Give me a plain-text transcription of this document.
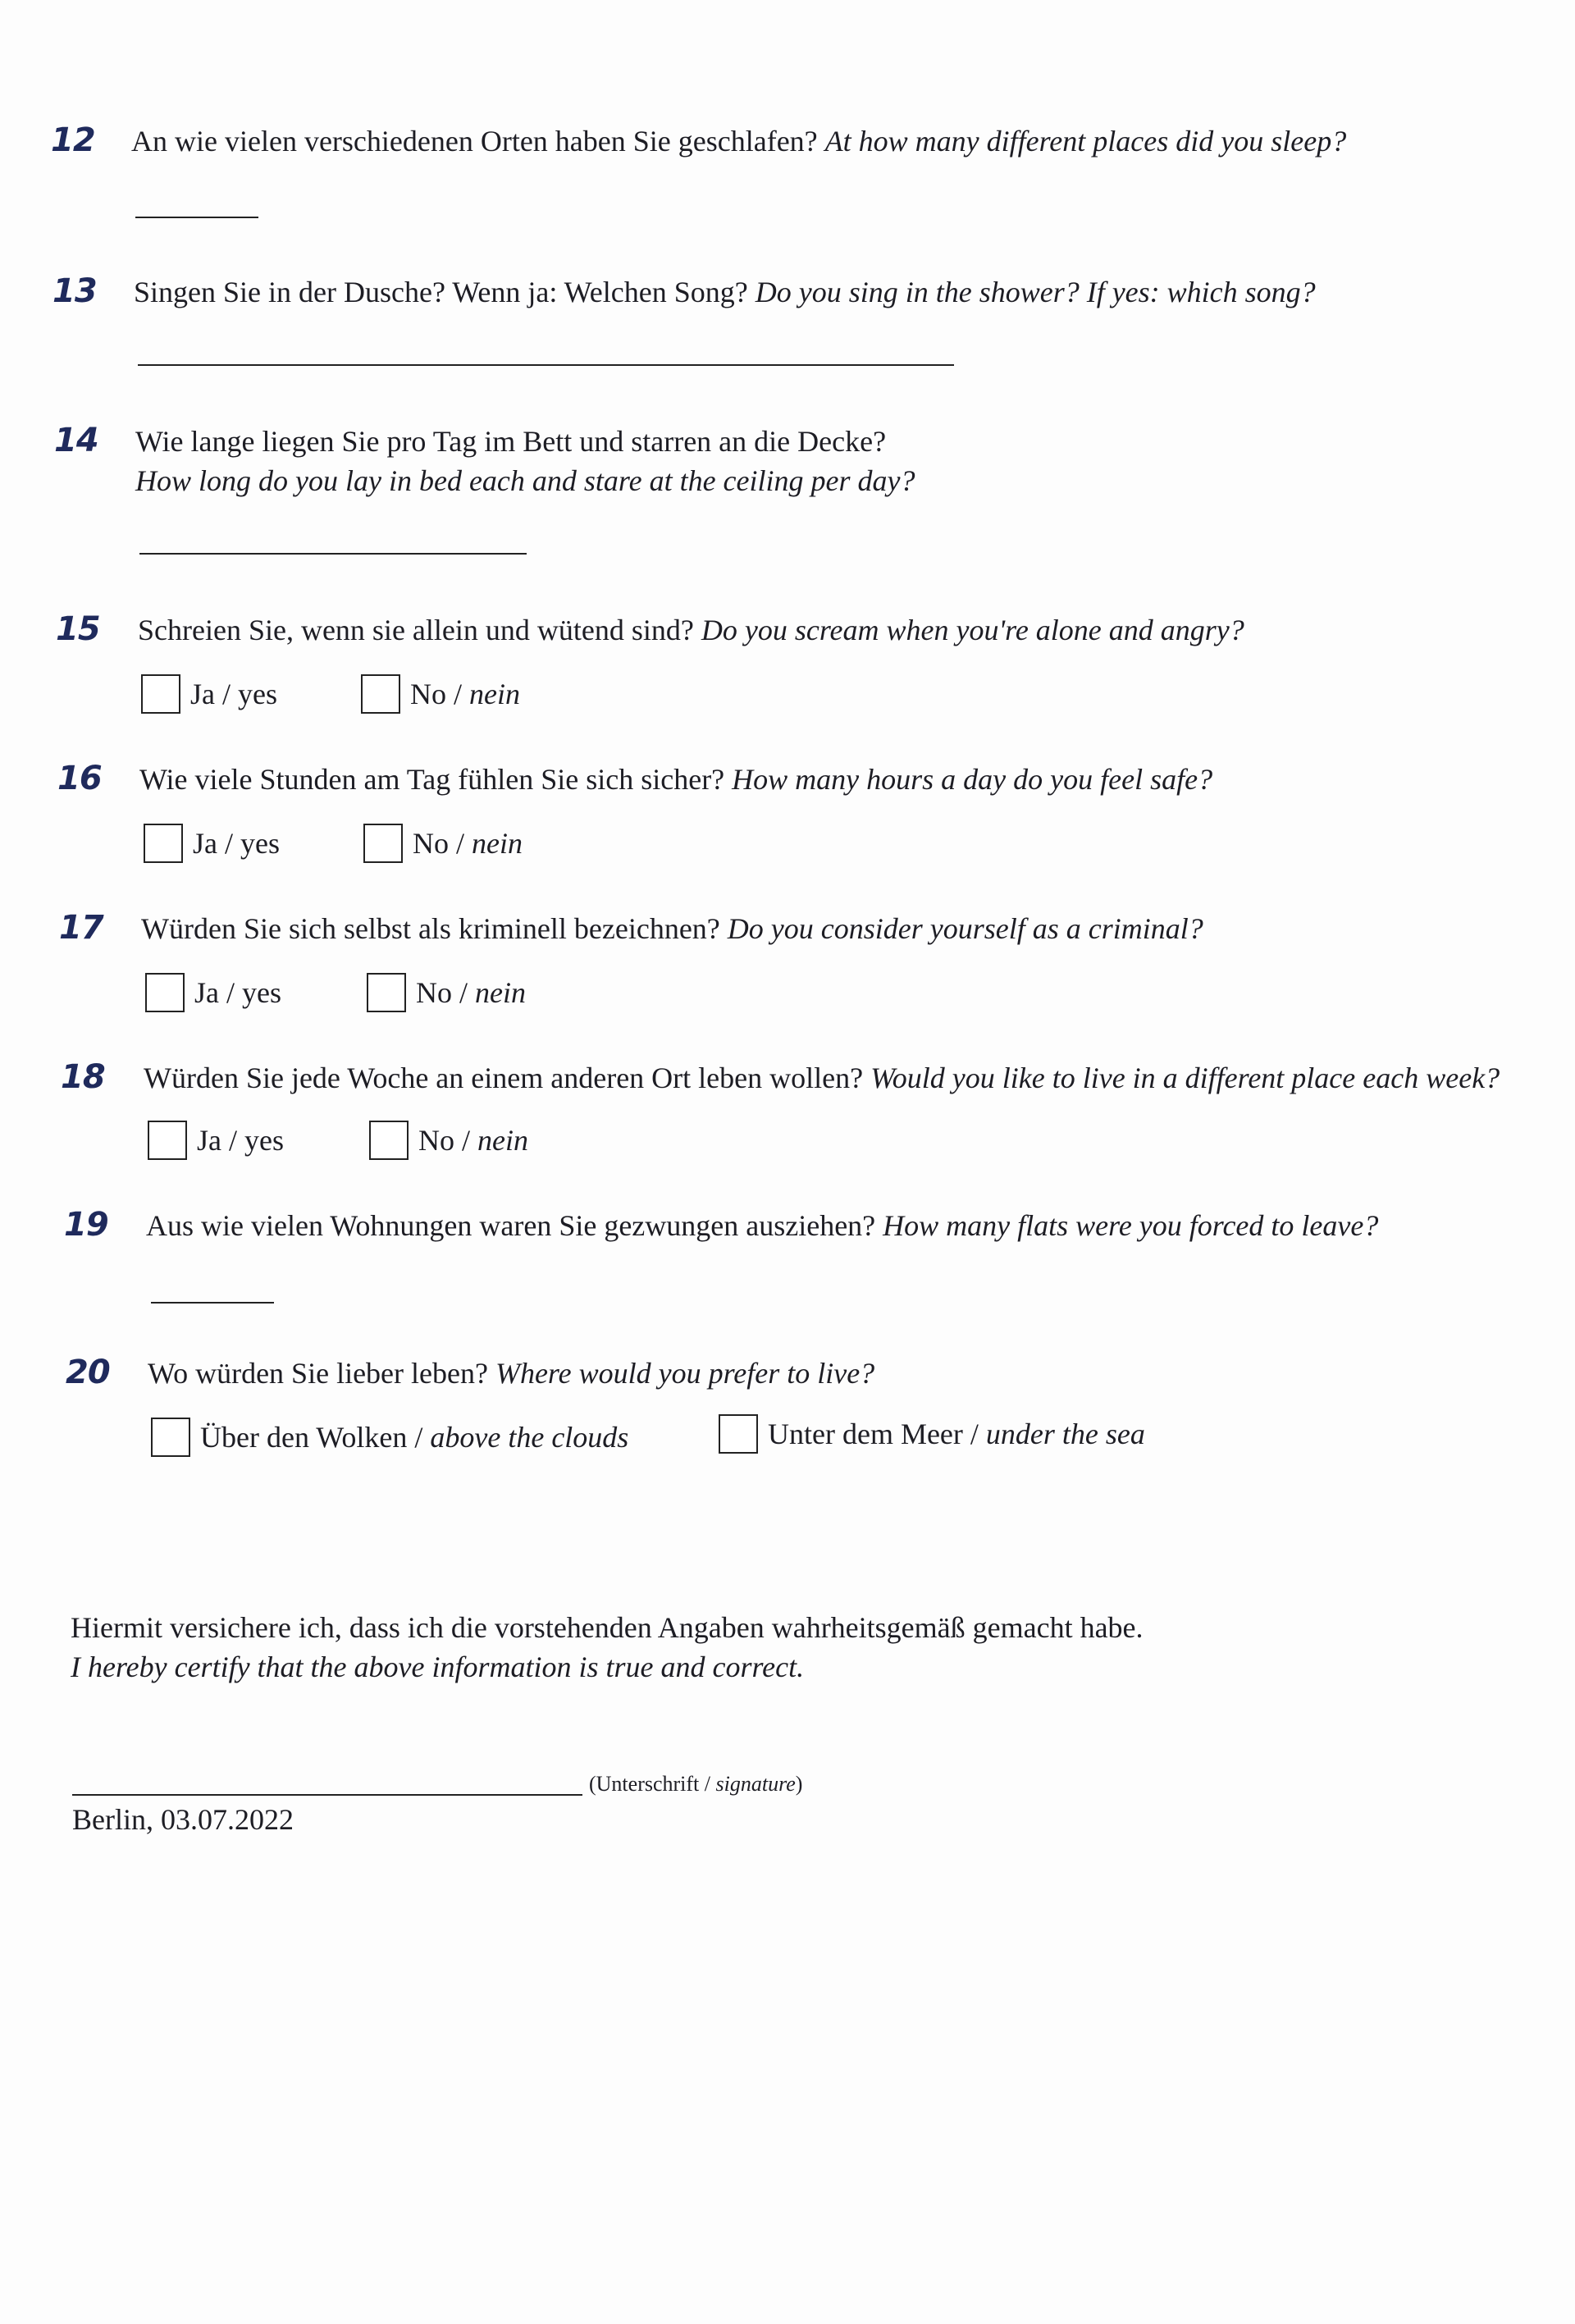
12 An wie vielen verschiedenen Orten haben Sie geschlafen? At how many different places did you sleep?
13 Singen Sie in der Dusche? Wenn ja: Welchen Song? Do you sing in the shower? If yes: which song?
14 Wie lange liegen Sie pro Tag im Bett und starren an die Decke?
How long do you lay in bed each and stare at the ceiling per day?
15 Schreien Sie, wenn sie allein und wütend sind? Do you scream when you're alone and angry?
Ja /
yes	No /
nein
16 Wie viele Stunden am Tag fühlen Sie sich sicher? How many hours a day do you feel safe?
Ja /
yes	No /
nein
17 Würden Sie sich selbst als kriminell bezeichnen? Do you consider yourself as a criminal?
Ja /
yes	No /
nein
18 Würden Sie jede Woche an einem anderen Ort leben wollen? Would you like to live in a different place each week?
Ja /
yes	No /
nein
19 Aus wie vielen Wohnungen waren Sie gezwungen ausziehen? How many flats were you forced to leave?
20 Wo würden Sie lieber leben? Where would you prefer to live?
Über den Wolken /
above the clouds	Unter dem Meer /
under the sea
Hiermit versichere ich, dass ich die vorstehenden Angaben wahrheitsgemäß gemacht habe.
I hereby certify that the above information is true and correct.
(Unterschrift / signature)
Berlin, 03.07.2022
